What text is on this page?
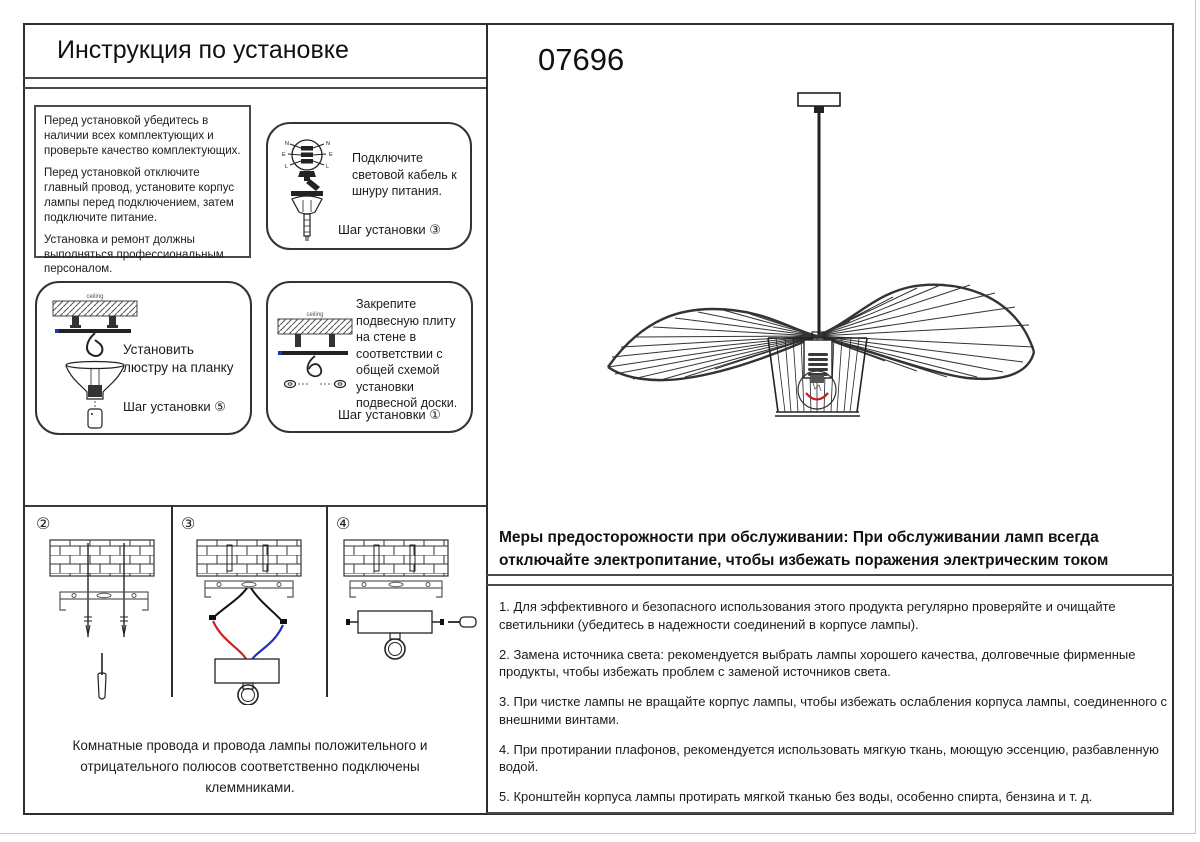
Инструкция по установке

Перед установкой убедитесь в наличии всех комплектующих и проверьте качество комплектующих.

Перед установкой отключите главный провод, установите корпус лампы перед подключением, затем подключите питание.

Установка и ремонт должны выполняться профессиональным персоналом.

N
E
L
N
E
L
Подключите световой кабель к шнуру питания.
Шаг установки ③
ceiling
Установить люстру на планку
Шаг установки ⑤
ceiling
Закрепите подвесную плиту на стене в соответствии с общей схемой установки подвесной доски.
Шаг установки ①
②	③	④
Комнатные провода и провода лампы положительного и отрицательного полюсов соответственно подключены клеммниками.
07696
Меры предосторожности при обслуживании: При обслуживании ламп всегда отключайте электропитание, чтобы избежать поражения электрическим током
1. Для эффективного и безопасного использования этого продукта регулярно проверяйте и очищайте светильники (убедитесь в надежности соединений в корпусе лампы).
2. Замена источника света: рекомендуется выбрать лампы хорошего качества, долговечные фирменные продукты, чтобы избежать проблем с заменой источников света.
3. При чистке лампы не вращайте корпус лампы, чтобы избежать ослабления корпуса лампы, соединенного с внешними винтами.
4. При протирании плафонов, рекомендуется использовать мягкую ткань, моющую эссенцию, разбавленную водой.
5. Кронштейн корпуса лампы протирать мягкой тканью без воды, особенно спирта, бензина и т. д.
